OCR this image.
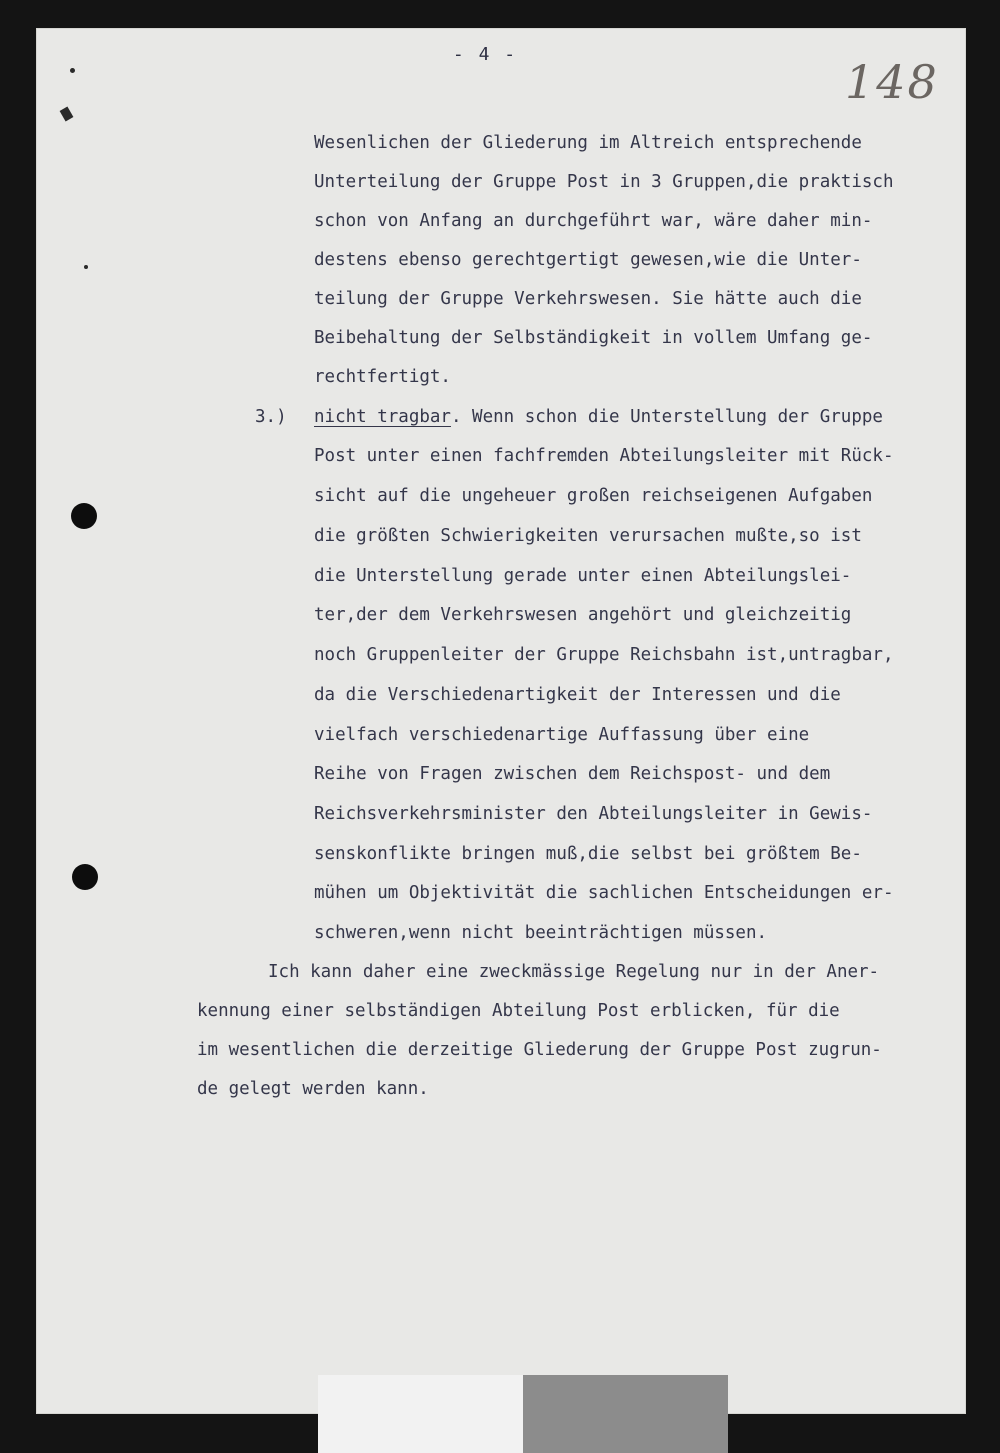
- 4 -
148
Wesenlichen der Gliederung im Altreich entsprechende
Unterteilung der Gruppe Post in 3 Gruppen,die praktisch
schon von Anfang an durchgeführt war, wäre daher min-
destens ebenso gerechtgertigt gewesen,wie die Unter-
teilung der Gruppe Verkehrswesen. Sie hätte auch die
Beibehaltung der Selbständigkeit in vollem Umfang ge-
rechtfertigt.
3.) nicht tragbar. Wenn schon die Unterstellung der Gruppe
Post unter einen fachfremden Abteilungsleiter mit Rück-
sicht auf die ungeheuer großen reichseigenen Aufgaben
die größten Schwierigkeiten verursachen mußte,so ist
die Unterstellung gerade unter einen Abteilungslei-
ter,der dem Verkehrswesen angehört und gleichzeitig
noch Gruppenleiter der Gruppe Reichsbahn ist,untragbar,
da die Verschiedenartigkeit der Interessen und die
vielfach verschiedenartige Auffassung über eine
Reihe von Fragen zwischen dem Reichspost- und dem
Reichsverkehrsminister den Abteilungsleiter in Gewis-
senskonflikte bringen muß,die selbst bei größtem Be-
mühen um Objektivität die sachlichen Entscheidungen er-
schweren,wenn nicht beeinträchtigen müssen.
Ich kann daher eine zweckmässige Regelung nur in der Aner-
kennung einer selbständigen Abteilung Post erblicken, für die
im wesentlichen die derzeitige Gliederung der Gruppe Post zugrun-
de gelegt werden kann.
